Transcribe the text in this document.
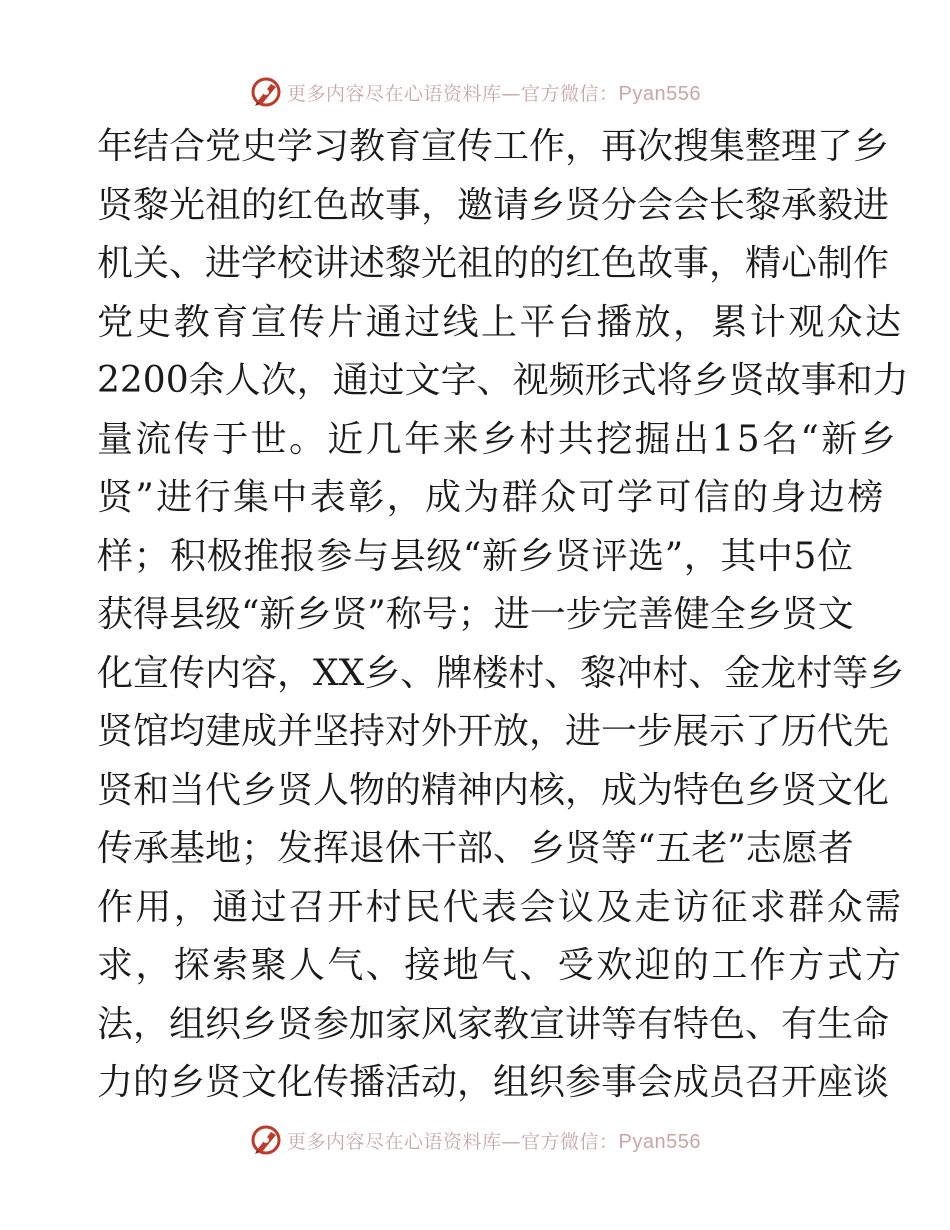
更多内容尽在心语资料库—官方微信：Pyan556
年结合党史学习教育宣传工作，再次搜集整理了乡
贤黎光祖的红色故事，邀请乡贤分会会长黎承毅进
机关、进学校讲述黎光祖的的红色故事，精心制作
党史教育宣传片通过线上平台播放，累计观众达
2200余人次，通过文字、视频形式将乡贤故事和力
量流传于世。近几年来乡村共挖掘出15名“新乡
贤”进行集中表彰，成为群众可学可信的身边榜
样；积极推报参与县级“新乡贤评选”，其中5位
获得县级“新乡贤”称号；进一步完善健全乡贤文
化宣传内容，XX乡、牌楼村、黎冲村、金龙村等乡
贤馆均建成并坚持对外开放，进一步展示了历代先
贤和当代乡贤人物的精神内核，成为特色乡贤文化
传承基地；发挥退休干部、乡贤等“五老”志愿者
作用，通过召开村民代表会议及走访征求群众需
求，探索聚人气、接地气、受欢迎的工作方式方
法，组织乡贤参加家风家教宣讲等有特色、有生命
力的乡贤文化传播活动，组织参事会成员召开座谈
更多内容尽在心语资料库—官方微信：Pyan556
